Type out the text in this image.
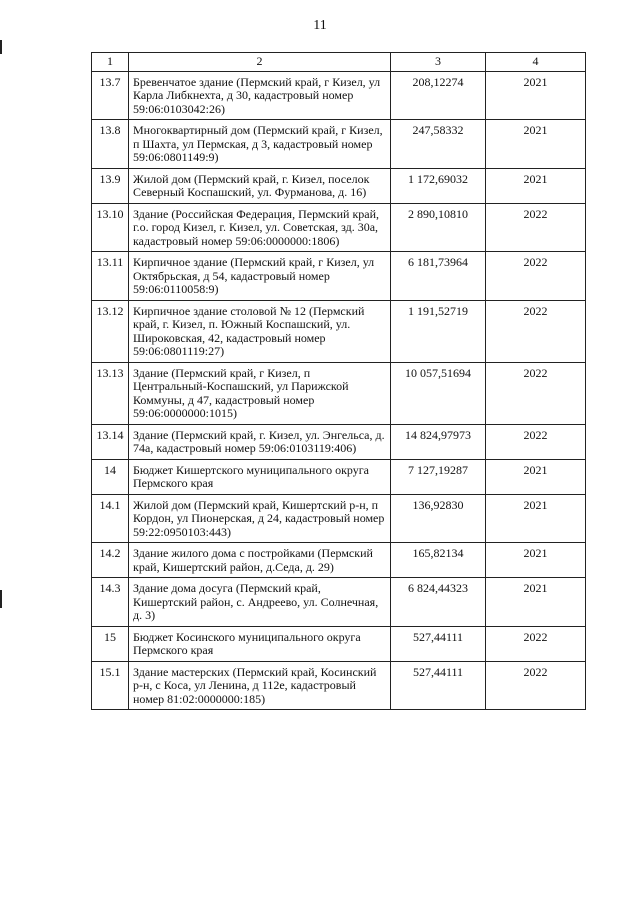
11
1	2	3	4
13.7	Бревенчатое здание (Пермский край, г Кизел, ул Карла Либкнехта, д 30, кадастровый номер 59:06:0103042:26)	208,12274	2021
13.8	Многоквартирный дом (Пермский край, г Кизел, п Шахта, ул Пермская, д 3, кадастровый номер 59:06:0801149:9)	247,58332	2021
13.9	Жилой дом (Пермский край, г. Кизел, поселок Северный Коспашский, ул. Фурманова, д. 16)	1 172,69032	2021
13.10	Здание (Российская Федерация, Пермский край, г.о. город Кизел, г. Кизел, ул. Советская, зд. 30а, кадастровый номер 59:06:0000000:1806)	2 890,10810	2022
13.11	Кирпичное здание (Пермский край, г Кизел, ул Октябрьская, д 54, кадастровый номер 59:06:0110058:9)	6 181,73964	2022
13.12	Кирпичное здание столовой № 12 (Пермский край, г. Кизел, п. Южный Коспашский, ул. Широковская, 42, кадастровый номер 59:06:0801119:27)	1 191,52719	2022
13.13	Здание (Пермский край, г Кизел, п Центральный-Коспашский, ул Парижской Коммуны, д 47, кадастровый номер 59:06:0000000:1015)	10 057,51694	2022
13.14	Здание (Пермский край, г. Кизел, ул. Энгельса, д. 74а, кадастровый номер 59:06:0103119:406)	14 824,97973	2022
14	Бюджет Кишертского муниципального округа Пермского края	7 127,19287	2021
14.1	Жилой дом (Пермский край, Кишертский р-н, п Кордон, ул Пионерская, д 24, кадастровый номер 59:22:0950103:443)	136,92830	2021
14.2	Здание жилого дома с постройками (Пермский край, Кишертский район, д.Седа, д. 29)	165,82134	2021
14.3	Здание дома досуга (Пермский край, Кишертский район, с. Андреево, ул. Солнечная, д. 3)	6 824,44323	2021
15	Бюджет Косинского муниципального округа Пермского края	527,44111	2022
15.1	Здание мастерских (Пермский край, Косинский р-н, с Коса, ул Ленина, д 112е, кадастровый номер 81:02:0000000:185)	527,44111	2022
